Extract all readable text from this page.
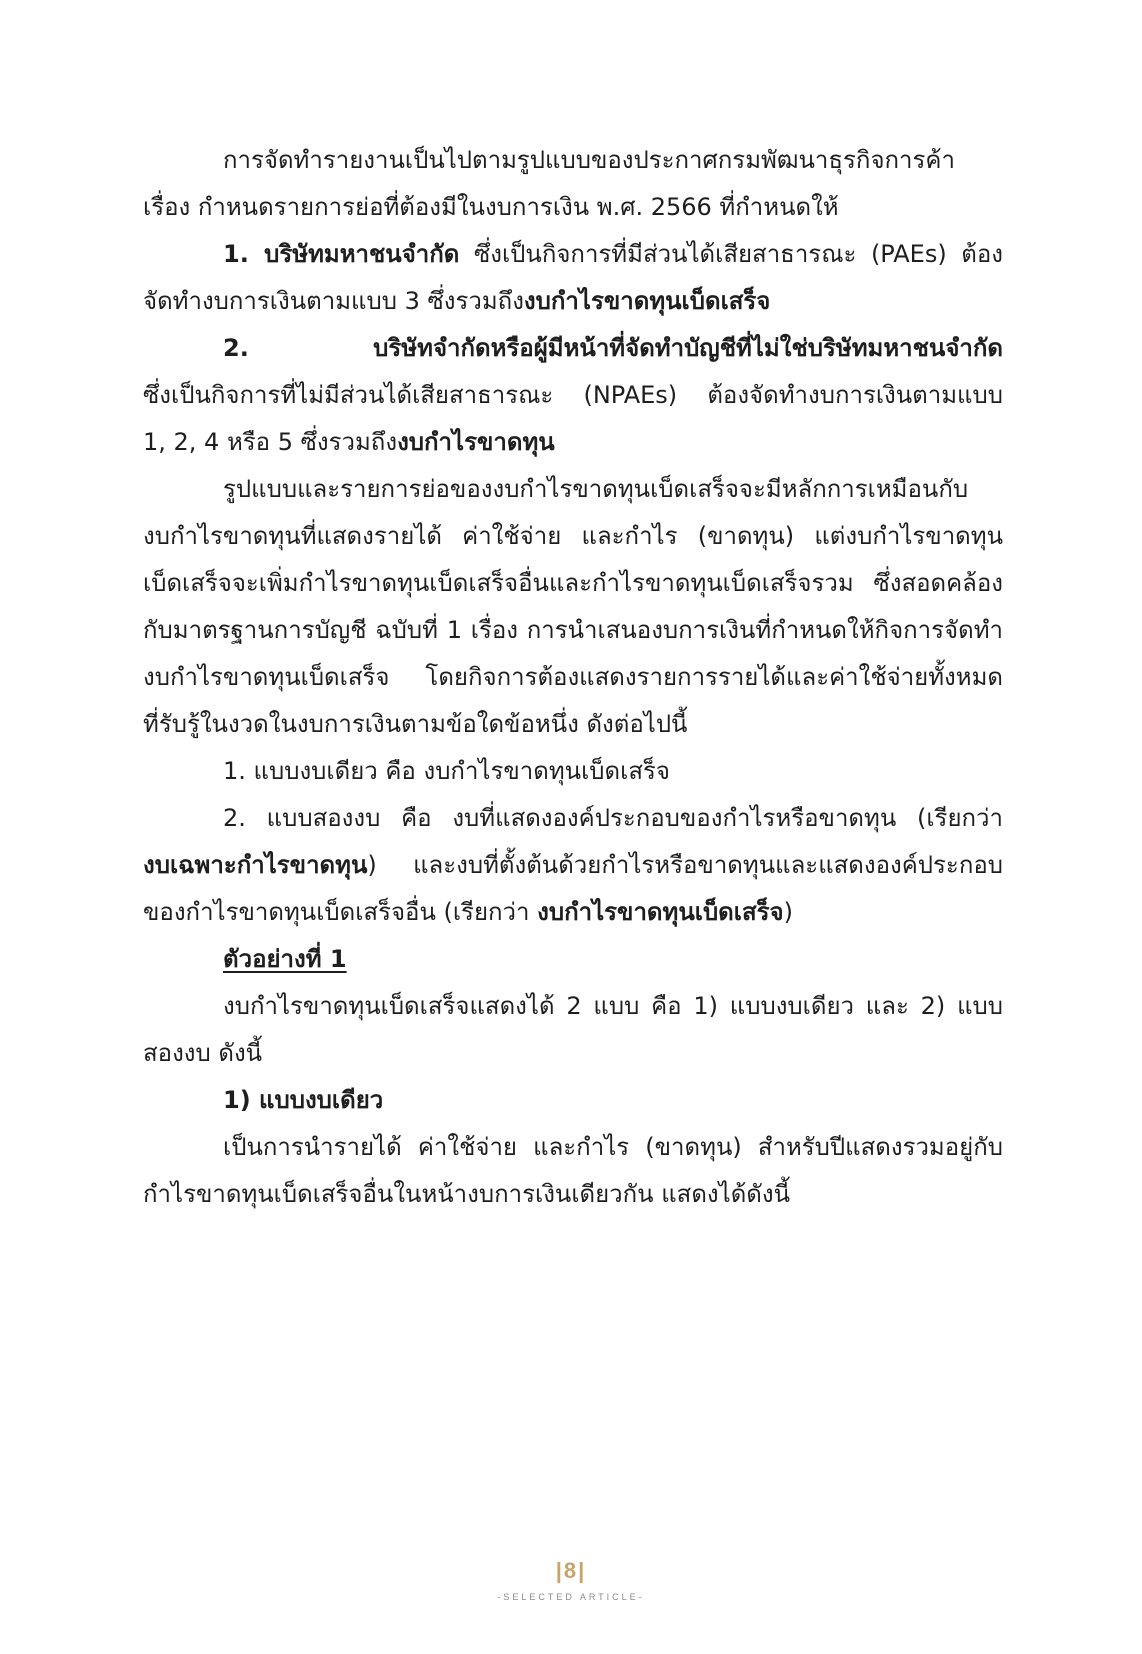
การจัดทำรายงานเป็นไปตามรูปแบบของประกาศกรมพัฒนาธุรกิจการค้า
เรื่อง กำหนดรายการย่อที่ต้องมีในงบการเงิน พ.ศ. 2566 ที่กำหนดให้
1. บริษัทมหาชนจำกัด ซึ่งเป็นกิจการที่มีส่วนได้เสียสาธารณะ (PAEs) ต้อง
จัดทำงบการเงินตามแบบ 3 ซึ่งรวมถึงงบกำไรขาดทุนเบ็ดเสร็จ
2. บริษัทจำกัดหรือผู้มีหน้าที่จัดทำบัญชีที่ไม่ใช่บริษัทมหาชนจำกัด
ซึ่งเป็นกิจการที่ไม่มีส่วนได้เสียสาธารณะ (NPAEs) ต้องจัดทำงบการเงินตามแบบ
1, 2, 4 หรือ 5 ซึ่งรวมถึงงบกำไรขาดทุน
รูปแบบและรายการย่อของงบกำไรขาดทุนเบ็ดเสร็จจะมีหลักการเหมือนกับ
งบกำไรขาดทุนที่แสดงรายได้ ค่าใช้จ่าย และกำไร (ขาดทุน) แต่งบกำไรขาดทุน
เบ็ดเสร็จจะเพิ่มกำไรขาดทุนเบ็ดเสร็จอื่นและกำไรขาดทุนเบ็ดเสร็จรวม ซึ่งสอดคล้อง
กับมาตรฐานการบัญชี ฉบับที่ 1 เรื่อง การนำเสนองบการเงินที่กำหนดให้กิจการจัดทำ
งบกำไรขาดทุนเบ็ดเสร็จ โดยกิจการต้องแสดงรายการรายได้และค่าใช้จ่ายทั้งหมด
ที่รับรู้ในงวดในงบการเงินตามข้อใดข้อหนึ่ง ดังต่อไปนี้
1. แบบงบเดียว คือ งบกำไรขาดทุนเบ็ดเสร็จ
2. แบบสองงบ คือ งบที่แสดงองค์ประกอบของกำไรหรือขาดทุน (เรียกว่า
งบเฉพาะกำไรขาดทุน) และงบที่ตั้งต้นด้วยกำไรหรือขาดทุนและแสดงองค์ประกอบ
ของกำไรขาดทุนเบ็ดเสร็จอื่น (เรียกว่า งบกำไรขาดทุนเบ็ดเสร็จ)
ตัวอย่างที่ 1
งบกำไรขาดทุนเบ็ดเสร็จแสดงได้ 2 แบบ คือ 1) แบบงบเดียว และ 2) แบบ
สองงบ ดังนี้
1) แบบงบเดียว
เป็นการนำรายได้ ค่าใช้จ่าย และกำไร (ขาดทุน) สำหรับปีแสดงรวมอยู่กับ
กำไรขาดทุนเบ็ดเสร็จอื่นในหน้างบการเงินเดียวกัน แสดงได้ดังนี้
|8|
-SELECTED ARTICLE-
